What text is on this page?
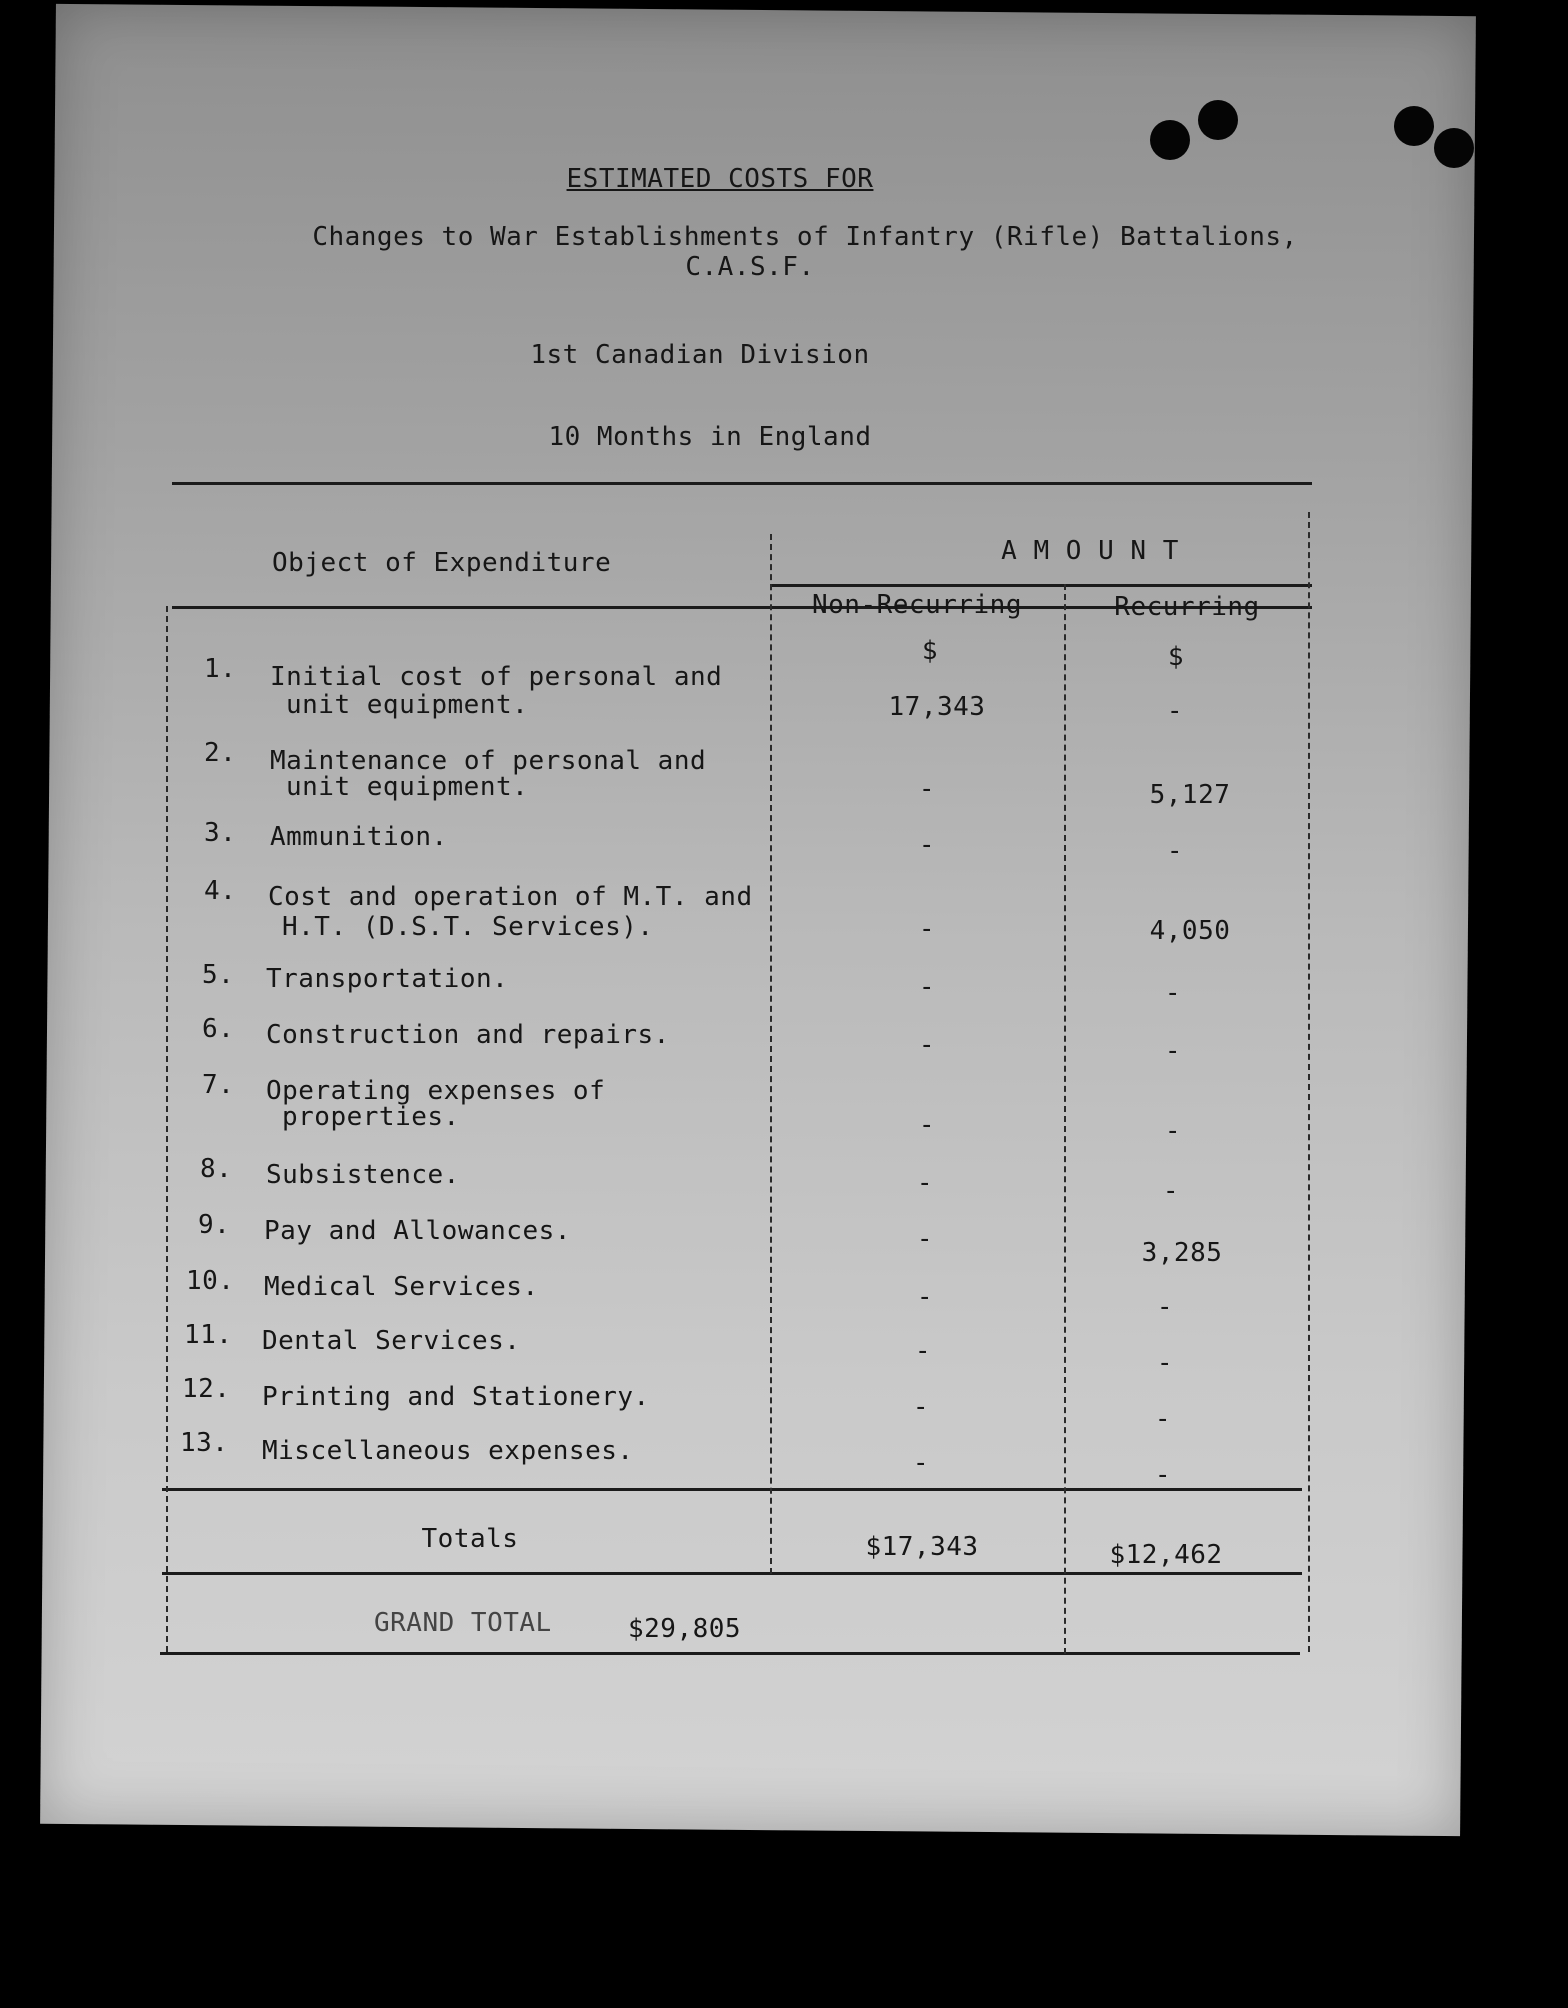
ESTIMATED COSTS FOR
Changes to War Establishments of Infantry (Rifle) Battalions,
C.A.S.F.
1st Canadian Division
10 Months in England
Object of Expenditure	A M O U N T
Non-Recurring	Recurring
$	$
1. Initial cost of personal and
unit equipment.	17,343	-
2. Maintenance of personal and
unit equipment.	-	5,127
3. Ammunition.	-	-
4. Cost and operation of M.T. and
H.T. (D.S.T. Services).	-	4,050
5. Transportation.	-	-
6. Construction and repairs.	-	-
7. Operating expenses of
properties.	-	-
8. Subsistence.	-	-
9. Pay and Allowances.	-	3,285
10. Medical Services.	-	-
11. Dental Services.	-	-
12. Printing and Stationery.	-	-
13. Miscellaneous expenses.	-	-
Totals	$17,343	$12,462
GRAND TOTAL	$29,805
